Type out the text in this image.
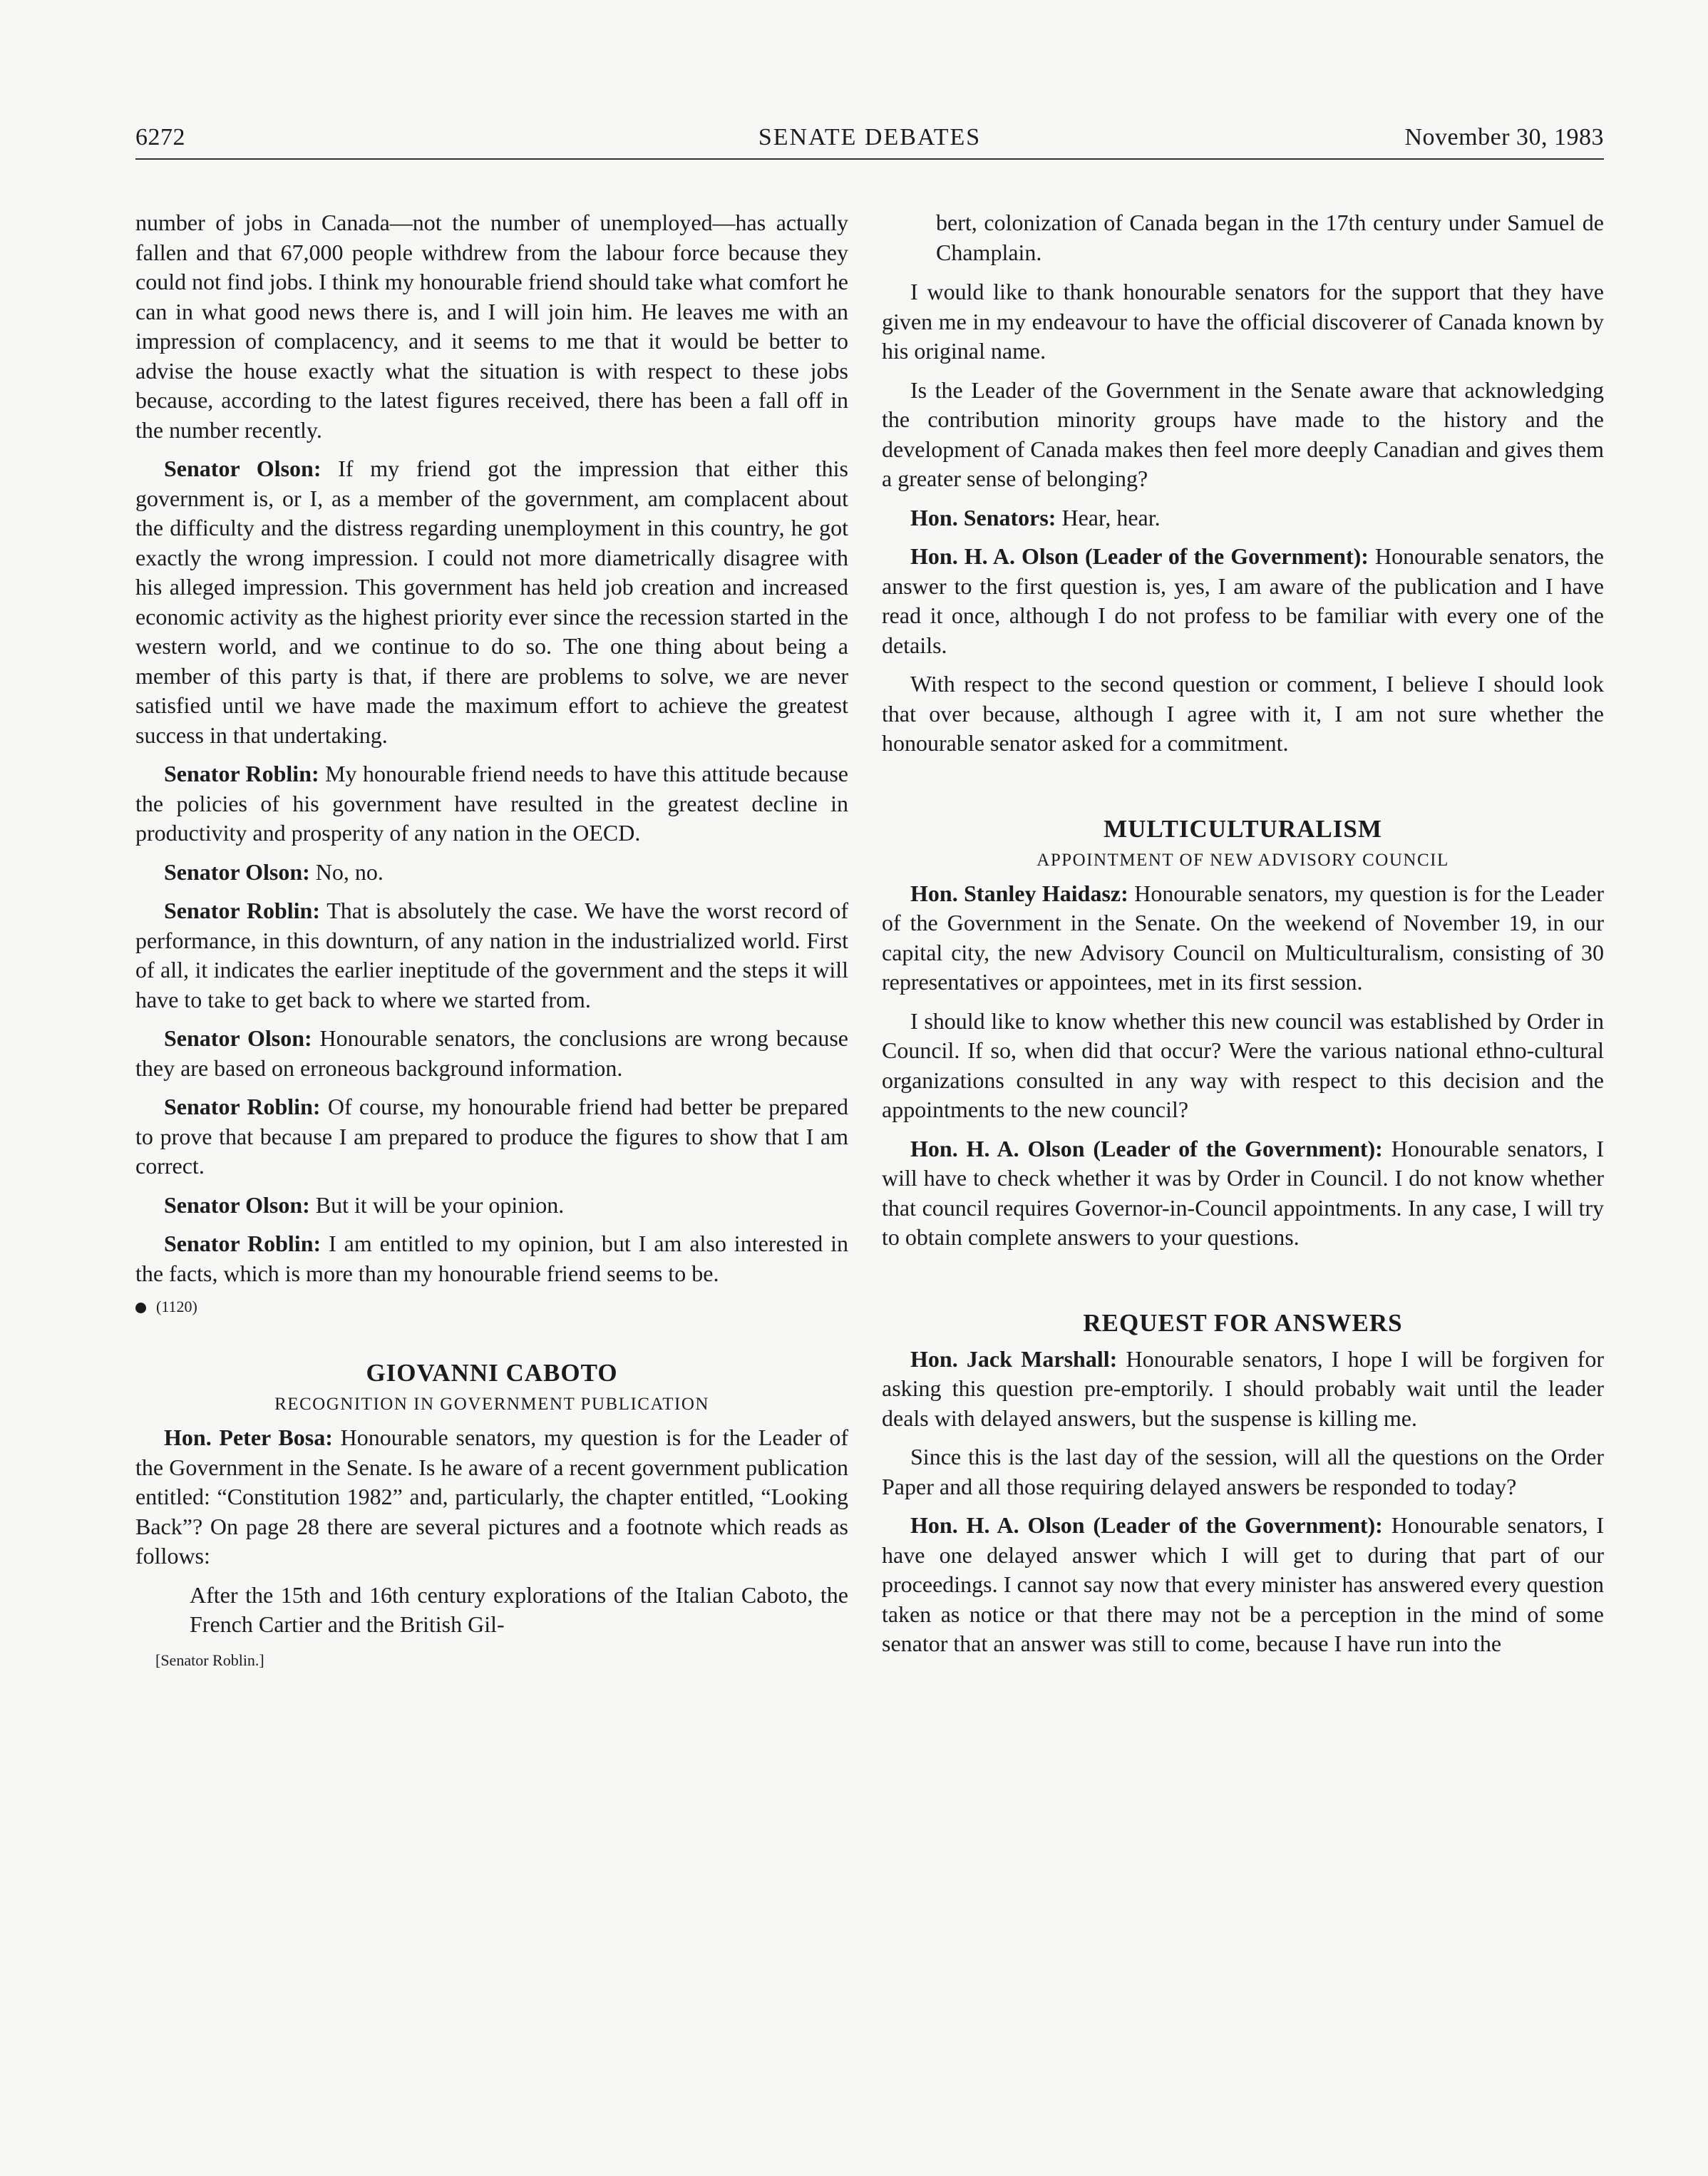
6272	SENATE DEBATES	November 30, 1983

number of jobs in Canada—not the number of unemployed—has actually fallen and that 67,000 people withdrew from the labour force because they could not find jobs. I think my honourable friend should take what comfort he can in what good news there is, and I will join him. He leaves me with an impression of complacency, and it seems to me that it would be better to advise the house exactly what the situation is with respect to these jobs because, according to the latest figures received, there has been a fall off in the number recently.

Senator Olson: If my friend got the impression that either this government is, or I, as a member of the government, am complacent about the difficulty and the distress regarding unemployment in this country, he got exactly the wrong impression. I could not more diametrically disagree with his alleged impression. This government has held job creation and increased economic activity as the highest priority ever since the recession started in the western world, and we continue to do so. The one thing about being a member of this party is that, if there are problems to solve, we are never satisfied until we have made the maximum effort to achieve the greatest success in that undertaking.

Senator Roblin: My honourable friend needs to have this attitude because the policies of his government have resulted in the greatest decline in productivity and prosperity of any nation in the OECD.

Senator Olson: No, no.

Senator Roblin: That is absolutely the case. We have the worst record of performance, in this downturn, of any nation in the industrialized world. First of all, it indicates the earlier ineptitude of the government and the steps it will have to take to get back to where we started from.

Senator Olson: Honourable senators, the conclusions are wrong because they are based on erroneous background information.

Senator Roblin: Of course, my honourable friend had better be prepared to prove that because I am prepared to produce the figures to show that I am correct.

Senator Olson: But it will be your opinion.

Senator Roblin: I am entitled to my opinion, but I am also interested in the facts, which is more than my honourable friend seems to be.

(1120)
GIOVANNI CABOTO
RECOGNITION IN GOVERNMENT PUBLICATION

Hon. Peter Bosa: Honourable senators, my question is for the Leader of the Government in the Senate. Is he aware of a recent government publication entitled: “Constitution 1982” and, particularly, the chapter entitled, “Looking Back”? On page 28 there are several pictures and a footnote which reads as follows:

After the 15th and 16th century explorations of the Italian Caboto, the French Cartier and the British Gil-
[Senator Roblin.]
bert, colonization of Canada began in the 17th century under Samuel de Champlain.

I would like to thank honourable senators for the support that they have given me in my endeavour to have the official discoverer of Canada known by his original name.

Is the Leader of the Government in the Senate aware that acknowledging the contribution minority groups have made to the history and the development of Canada makes then feel more deeply Canadian and gives them a greater sense of belonging?

Hon. Senators: Hear, hear.

Hon. H. A. Olson (Leader of the Government): Honourable senators, the answer to the first question is, yes, I am aware of the publication and I have read it once, although I do not profess to be familiar with every one of the details.

With respect to the second question or comment, I believe I should look that over because, although I agree with it, I am not sure whether the honourable senator asked for a commitment.

MULTICULTURALISM
APPOINTMENT OF NEW ADVISORY COUNCIL

Hon. Stanley Haidasz: Honourable senators, my question is for the Leader of the Government in the Senate. On the weekend of November 19, in our capital city, the new Advisory Council on Multiculturalism, consisting of 30 representatives or appointees, met in its first session.

I should like to know whether this new council was established by Order in Council. If so, when did that occur? Were the various national ethno-cultural organizations consulted in any way with respect to this decision and the appointments to the new council?

Hon. H. A. Olson (Leader of the Government): Honourable senators, I will have to check whether it was by Order in Council. I do not know whether that council requires Governor-in-Council appointments. In any case, I will try to obtain complete answers to your questions.

REQUEST FOR ANSWERS

Hon. Jack Marshall: Honourable senators, I hope I will be forgiven for asking this question pre-emptorily. I should probably wait until the leader deals with delayed answers, but the suspense is killing me.

Since this is the last day of the session, will all the questions on the Order Paper and all those requiring delayed answers be responded to today?

Hon. H. A. Olson (Leader of the Government): Honourable senators, I have one delayed answer which I will get to during that part of our proceedings. I cannot say now that every minister has answered every question taken as notice or that there may not be a perception in the mind of some senator that an answer was still to come, because I have run into the
